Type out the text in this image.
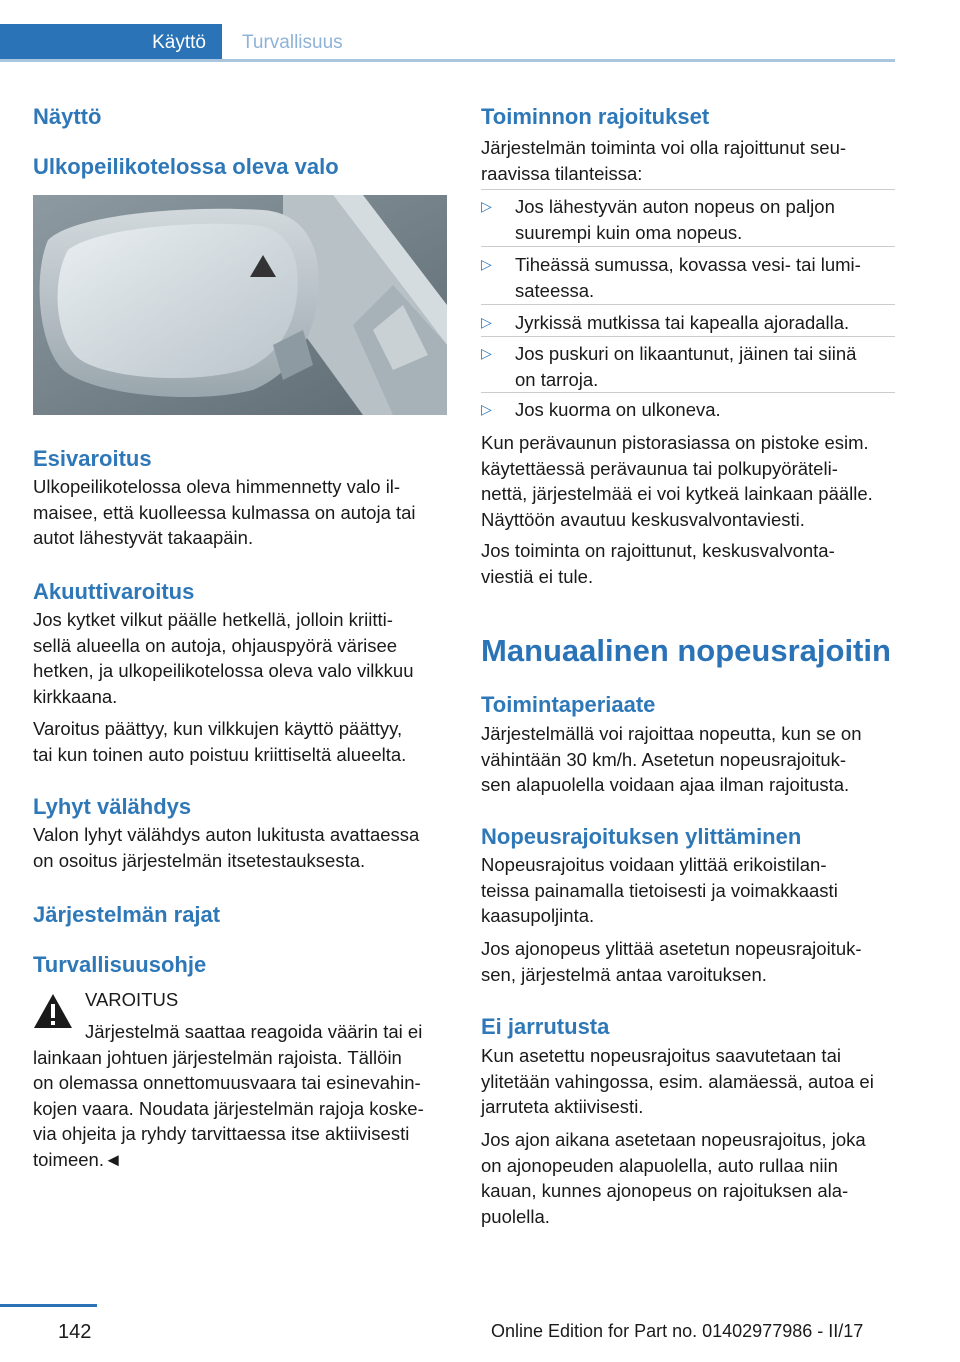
Käyttö Turvallisuus
Näyttö
Ulkopeilikotelossa oleva valo
Esivaroitus

Ulkopeilikotelossa oleva himmennetty valo il-
maisee, että kuolleessa kulmassa on autoja tai
autot lähestyvät takaapäin.

Akuuttivaroitus

Jos kytket vilkut päälle hetkellä, jolloin kriitti-
sellä alueella on autoja, ohjauspyörä värisee
hetken, ja ulkopeilikotelossa oleva valo vilkkuu
kirkkaana.

Varoitus päättyy, kun vilkkujen käyttö päättyy,
tai kun toinen auto poistuu kriittiseltä alueelta.

Lyhyt välähdys

Valon lyhyt välähdys auton lukitusta avattaessa
on osoitus järjestelmän itsetestauksesta.

Järjestelmän rajat
Turvallisuusohje
VAROITUS

Järjestelmä saattaa reagoida väärin tai ei
lainkaan johtuen järjestelmän rajoista. Tällöin
on olemassa onnettomuusvaara tai esinevahin-
kojen vaara. Noudata järjestelmän rajoja koske-
via ohjeita ja ryhdy tarvittaessa itse aktiivisesti
toimeen.◄

Toiminnon rajoitukset

Järjestelmän toiminta voi olla rajoittunut seu-
raavissa tilanteissa:

▷ Jos lähestyvän auton nopeus on paljon
suurempi kuin oma nopeus.
▷ Tiheässä sumussa, kovassa vesi- tai lumi-
sateessa.
▷ Jyrkissä mutkissa tai kapealla ajoradalla.
▷ Jos puskuri on likaantunut, jäinen tai siinä
on tarroja.
▷ Jos kuorma on ulkoneva.

Kun perävaunun pistorasiassa on pistoke esim.
käytettäessä perävaunua tai polkupyöräteli-
nettä, järjestelmää ei voi kytkeä lainkaan päälle.
Näyttöön avautuu keskusvalvontaviesti.

Jos toiminta on rajoittunut, keskusvalvonta-
viestiä ei tule.

Manuaalinen nopeusrajoitin
Toimintaperiaate

Järjestelmällä voi rajoittaa nopeutta, kun se on
vähintään 30 km/h. Asetetun nopeusrajoituk-
sen alapuolella voidaan ajaa ilman rajoitusta.

Nopeusrajoituksen ylittäminen

Nopeusrajoitus voidaan ylittää erikoistilan-
teissa painamalla tietoisesti ja voimakkaasti
kaasupoljinta.

Jos ajonopeus ylittää asetetun nopeusrajoituk-
sen, järjestelmä antaa varoituksen.

Ei jarrutusta

Kun asetettu nopeusrajoitus saavutetaan tai
ylitetään vahingossa, esim. alamäessä, autoa ei
jarruteta aktiivisesti.

Jos ajon aikana asetetaan nopeusrajoitus, joka
on ajonopeuden alapuolella, auto rullaa niin
kauan, kunnes ajonopeus on rajoituksen ala-
puolella.

142	Online Edition for Part no. 01402977986 - II/17
